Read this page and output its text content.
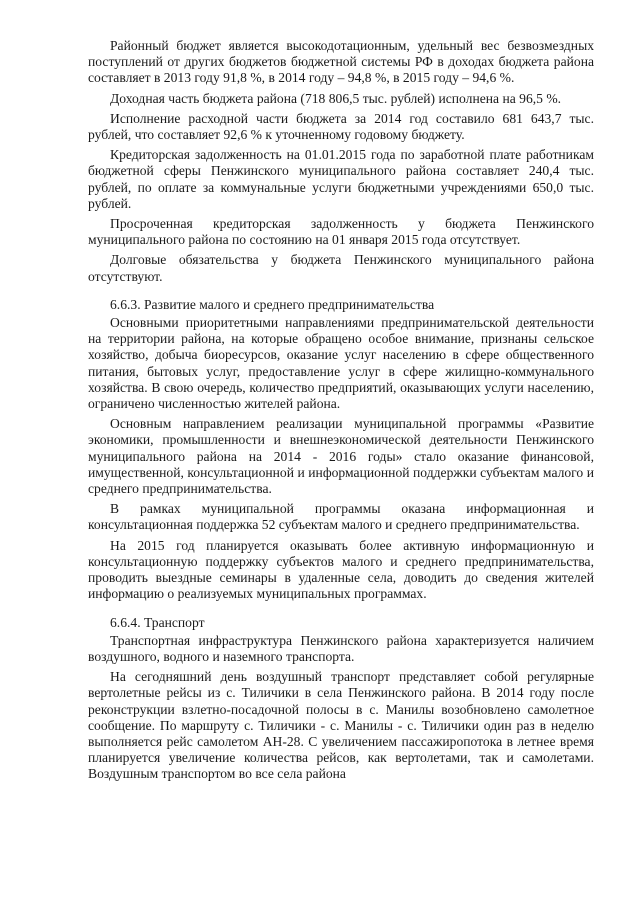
Районный бюджет является высокодотационным, удельный вес безвозмездных поступлений от других бюджетов бюджетной системы РФ в доходах бюджета района составляет в 2013 году 91,8 %, в 2014 году – 94,8 %, в 2015 году – 94,6 %.

Доходная часть бюджета района (718 806,5 тыс. рублей) исполнена на 96,5 %.

Исполнение расходной части бюджета за 2014 год составило 681 643,7 тыс. рублей, что составляет 92,6 % к уточненному годовому бюджету.

Кредиторская задолженность на 01.01.2015 года по заработной плате работникам бюджетной сферы Пенжинского муниципального района составляет 240,4 тыс. рублей, по оплате за коммунальные услуги бюджетными учреждениями 650,0 тыс. рублей.

Просроченная кредиторская задолженность у бюджета Пенжинского муниципального района по состоянию на 01 января 2015 года отсутствует.

Долговые обязательства у бюджета Пенжинского муниципального района отсутствуют.

6.6.3. Развитие малого и среднего предпринимательства

Основными приоритетными направлениями предпринимательской деятельности на территории района, на которые обращено особое внимание, признаны сельское хозяйство, добыча биоресурсов, оказание услуг населению в сфере общественного питания, бытовых услуг, предоставление услуг в сфере жилищно-коммунального хозяйства. В свою очередь, количество предприятий, оказывающих услуги населению, ограничено численностью жителей района.

Основным направлением реализации муниципальной программы «Развитие экономики, промышленности и внешнеэкономической деятельности Пенжинского муниципального района на 2014 - 2016 годы» стало оказание финансовой, имущественной, консультационной и информационной поддержки субъектам малого и среднего предпринимательства.

В рамках муниципальной программы оказана информационная и консультационная поддержка 52 субъектам малого и среднего предпринимательства.

На 2015 год планируется оказывать более активную информационную и консультационную поддержку субъектов малого и среднего предпринимательства, проводить выездные семинары в удаленные села, доводить до сведения жителей информацию о реализуемых муниципальных программах.

6.6.4. Транспорт

Транспортная инфраструктура Пенжинского района характеризуется наличием воздушного, водного и наземного транспорта.

На сегодняшний день воздушный транспорт представляет собой регулярные вертолетные рейсы из с. Тиличики в села Пенжинского района. В 2014 году после реконструкции взлетно-посадочной полосы в с. Манилы возобновлено самолетное сообщение. По маршруту с. Тиличики - с. Манилы - с. Тиличики один раз в неделю выполняется рейс самолетом АН-28. С увеличением пассажиропотока в летнее время планируется увеличение количества рейсов, как вертолетами, так и самолетами. Воздушным транспортом во все села района
